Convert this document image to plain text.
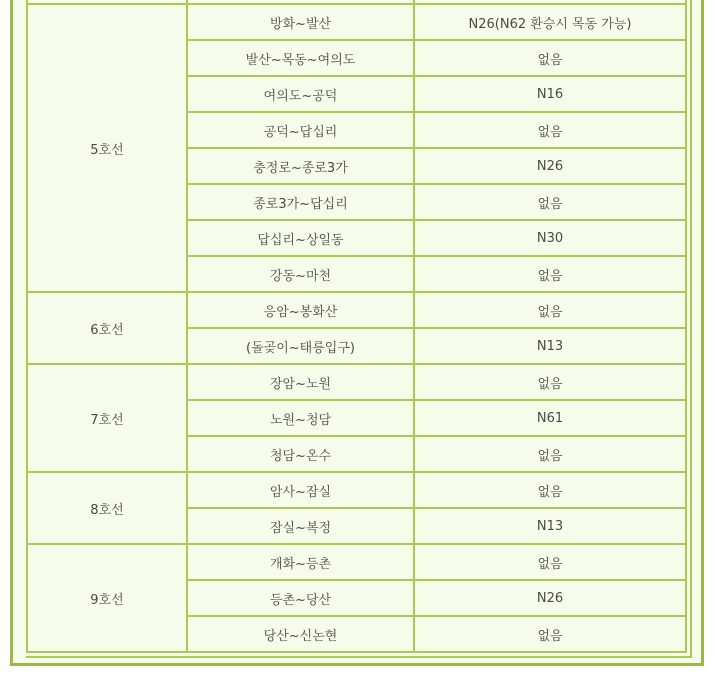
5호선	방화~발산	N26(N62 환승시 목동 가능)
	발산~목동~여의도	없음
	여의도~공덕	N16
	공덕~답십리	없음
	충정로~종로3가	N26
	종로3가~답십리	없음
	답십리~상일동	N30
	강동~마천	없음
6호선	응암~봉화산	없음
	(돌곶이~태릉입구)	N13
7호선	장암~노원	없음
	노원~청담	N61
	청담~온수	없음
8호선	암사~잠실	없음
	잠실~복정	N13
9호선	개화~등촌	없음
	등촌~당산	N26
	당산~신논현	없음
